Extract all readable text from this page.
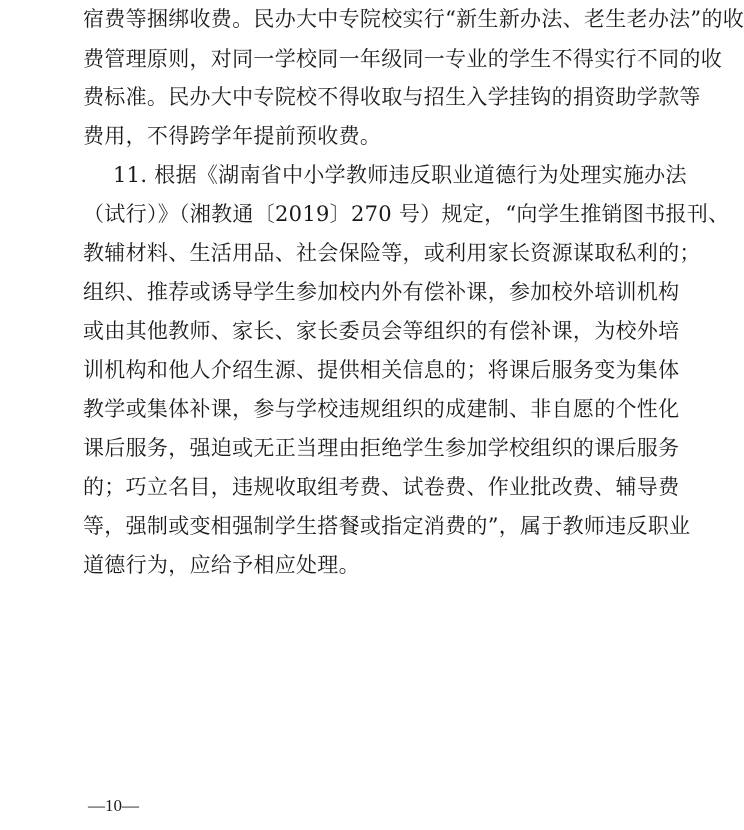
宿费等捆绑收费。民办大中专院校实行“新生新办法、老生老办法”的收
费管理原则，对同一学校同一年级同一专业的学生不得实行不同的收
费标准。民办大中专院校不得收取与招生入学挂钩的捐资助学款等
费用，不得跨学年提前预收费。
11. 根据《湖南省中小学教师违反职业道德行为处理实施办法
（试行）》（湘教通〔2019〕270 号）规定，“向学生推销图书报刊、
教辅材料、生活用品、社会保险等，或利用家长资源谋取私利的；
组织、推荐或诱导学生参加校内外有偿补课，参加校外培训机构
或由其他教师、家长、家长委员会等组织的有偿补课，为校外培
训机构和他人介绍生源、提供相关信息的；将课后服务变为集体
教学或集体补课，参与学校违规组织的成建制、非自愿的个性化
课后服务，强迫或无正当理由拒绝学生参加学校组织的课后服务
的；巧立名目，违规收取组考费、试卷费、作业批改费、辅导费
等，强制或变相强制学生搭餐或指定消费的”，属于教师违反职业
道德行为，应给予相应处理。
—10—
